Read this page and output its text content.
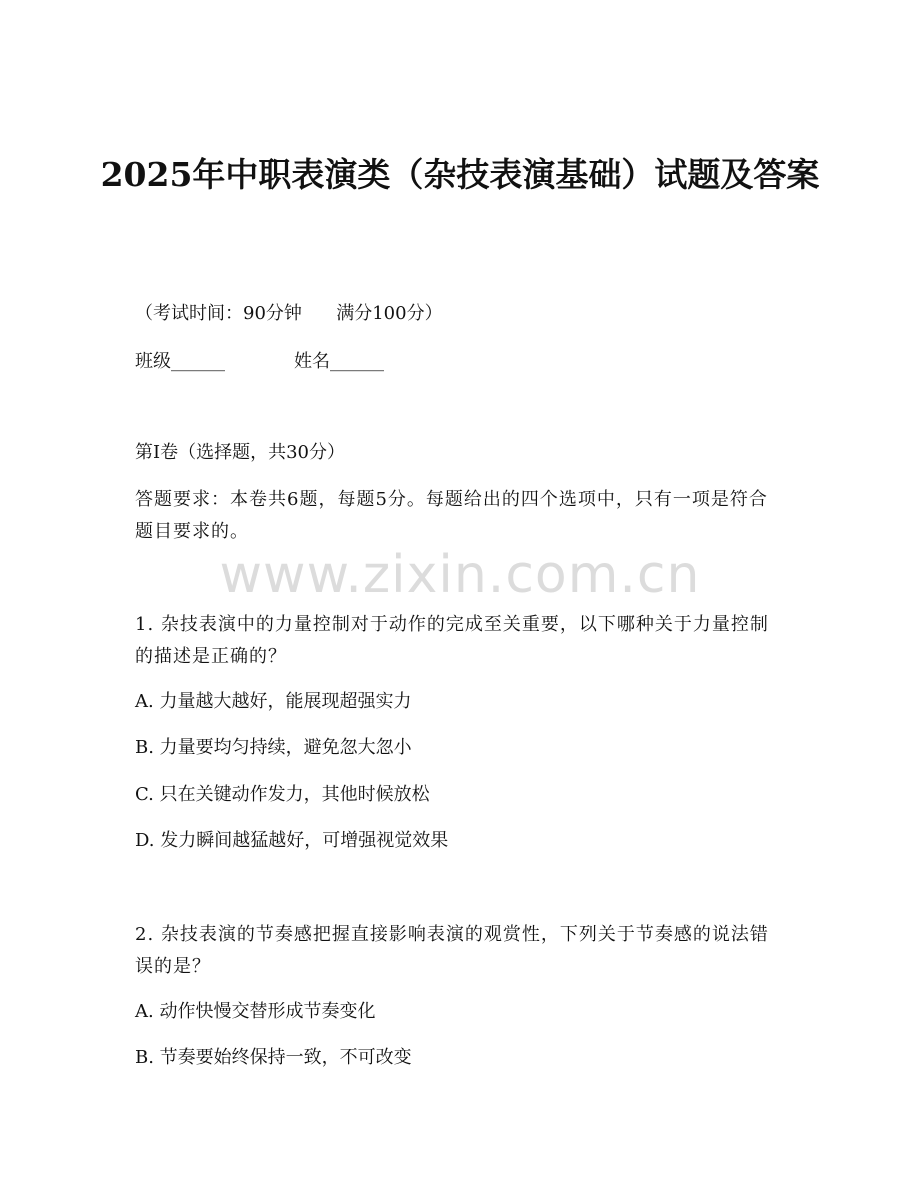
2025年中职表演类（杂技表演基础）试题及答案
（考试时间：90分钟      满分100分）
班级______	姓名______
第I卷（选择题，共30分）
答题要求：本卷共6题，每题5分。每题给出的四个选项中，只有一项是符合题目要求的。
www.zixin.com.cn
1. 杂技表演中的力量控制对于动作的完成至关重要，以下哪种关于力量控制的描述是正确的？
A. 力量越大越好，能展现超强实力
B. 力量要均匀持续，避免忽大忽小
C. 只在关键动作发力，其他时候放松
D. 发力瞬间越猛越好，可增强视觉效果
2. 杂技表演的节奏感把握直接影响表演的观赏性，下列关于节奏感的说法错误的是？
A. 动作快慢交替形成节奏变化
B. 节奏要始终保持一致，不可改变
